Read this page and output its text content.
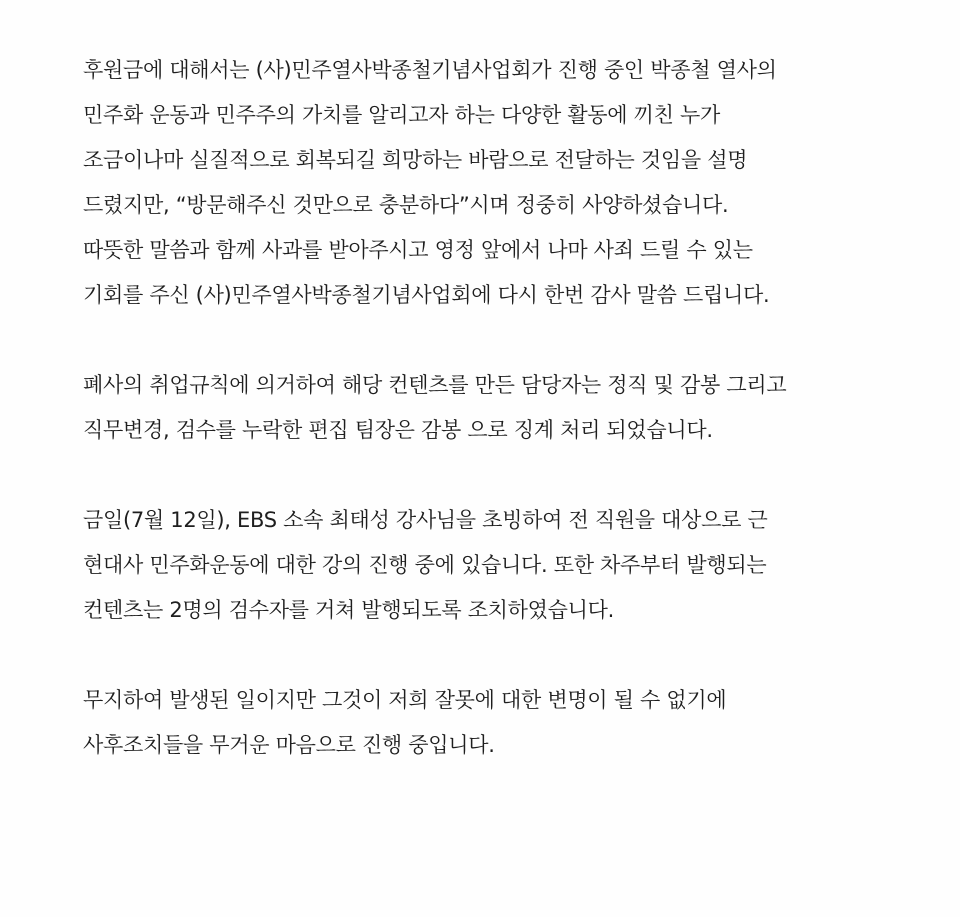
후원금에 대해서는 (사)민주열사박종철기념사업회가 진행 중인 박종철 열사의
민주화 운동과 민주주의 가치를 알리고자 하는 다양한 활동에 끼친 누가
조금이나마 실질적으로 회복되길 희망하는 바람으로 전달하는 것임을 설명
드렸지만, “방문해주신 것만으로 충분하다”시며 정중히 사양하셨습니다.
따뜻한 말씀과 함께 사과를 받아주시고 영정 앞에서 나마 사죄 드릴 수 있는
기회를 주신 (사)민주열사박종철기념사업회에 다시 한번 감사 말씀 드립니다.
폐사의 취업규칙에 의거하여 해당 컨텐츠를 만든 담당자는 정직 및 감봉 그리고
직무변경, 검수를 누락한 편집 팀장은 감봉 으로 징계 처리 되었습니다.
금일(7월 12일), EBS 소속 최태성 강사님을 초빙하여 전 직원을 대상으로 근
현대사 민주화운동에 대한 강의 진행 중에 있습니다. 또한 차주부터 발행되는
컨텐츠는 2명의 검수자를 거쳐 발행되도록 조치하였습니다.
무지하여 발생된 일이지만 그것이 저희 잘못에 대한 변명이 될 수 없기에
사후조치들을 무거운 마음으로 진행 중입니다.
